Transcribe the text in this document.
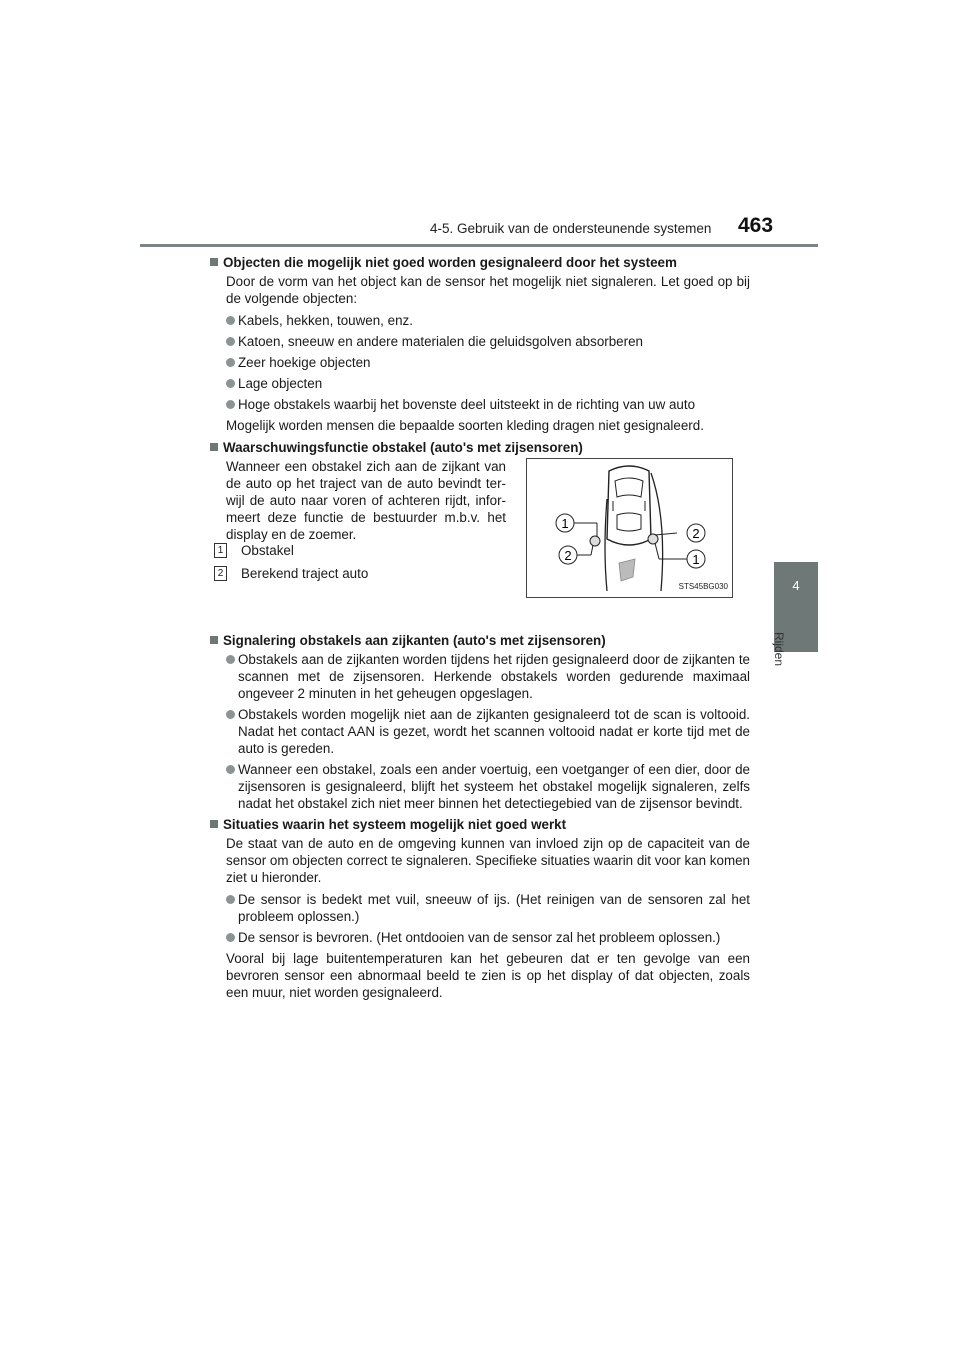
4-5. Gebruik van de ondersteunende systemen 463
4
Rijden
Objecten die mogelijk niet goed worden gesignaleerd door het systeem

Door de vorm van het object kan de sensor het mogelijk niet signaleren. Let goed op bij de volgende objecten:

Kabels, hekken, touwen, enz.
Katoen, sneeuw en andere materialen die geluidsgolven absorberen
Zeer hoekige objecten
Lage objecten
Hoge obstakels waarbij het bovenste deel uitsteekt in de richting van uw auto

Mogelijk worden mensen die bepaalde soorten kleding dragen niet gesignaleerd.

Waarschuwingsfunctie obstakel (auto's met zijsensoren)
Wanneer een obstakel zich aan de zijkant van de auto op het traject van de auto bevindt ter-wijl de auto naar voren of achteren rijdt, infor-meert deze functie de bestuurder m.b.v. het display en de zoemer.
1 Obstakel
2 Berekend traject auto
1
2
2
1
STS45BG030
Signalering obstakels aan zijkanten (auto's met zijsensoren)
Obstakels aan de zijkanten worden tijdens het rijden gesignaleerd door de zijkanten te scannen met de zijsensoren. Herkende obstakels worden gedurende maximaal ongeveer 2 minuten in het geheugen opgeslagen.
Obstakels worden mogelijk niet aan de zijkanten gesignaleerd tot de scan is voltooid. Nadat het contact AAN is gezet, wordt het scannen voltooid nadat er korte tijd met de auto is gereden.
Wanneer een obstakel, zoals een ander voertuig, een voetganger of een dier, door de zijsensoren is gesignaleerd, blijft het systeem het obstakel mogelijk signaleren, zelfs nadat het obstakel zich niet meer binnen het detectiegebied van de zijsensor bevindt.
Situaties waarin het systeem mogelijk niet goed werkt

De staat van de auto en de omgeving kunnen van invloed zijn op de capaciteit van de sensor om objecten correct te signaleren. Specifieke situaties waarin dit voor kan komen ziet u hieronder.

De sensor is bedekt met vuil, sneeuw of ijs. (Het reinigen van de sensoren zal het probleem oplossen.)
De sensor is bevroren. (Het ontdooien van de sensor zal het probleem oplossen.)

Vooral bij lage buitentemperaturen kan het gebeuren dat er ten gevolge van een bevroren sensor een abnormaal beeld te zien is op het display of dat objecten, zoals een muur, niet worden gesignaleerd.
